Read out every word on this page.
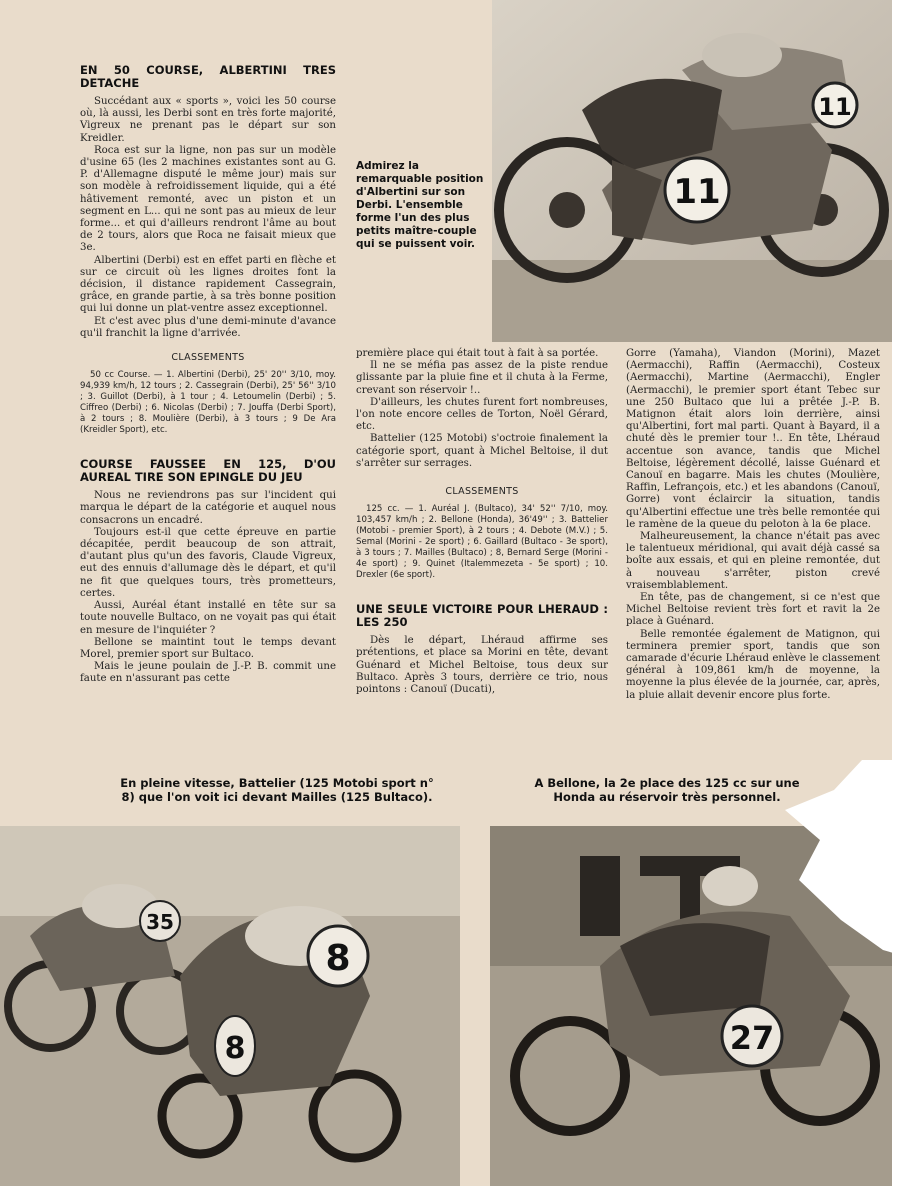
EN 50 COURSE, ALBERTINI TRES DETACHE

Succédant aux « sports », voici les 50 course où, là aussi, les Derbi sont en très forte majorité, Vigreux ne prenant pas le départ sur son Kreidler.

Roca est sur la ligne, non pas sur un modèle d'usine 65 (les 2 machines existantes sont au G. P. d'Allemagne disputé le même jour) mais sur son modèle à refroidissement liquide, qui a été hâtivement remonté, avec un piston et un segment en L... qui ne sont pas au mieux de leur forme... et qui d'ailleurs rendront l'âme au bout de 2 tours, alors que Roca ne faisait mieux que 3e.

Albertini (Derbi) est en effet parti en flèche et sur ce circuit où les lignes droites font la décision, il distance rapidement Cassegrain, grâce, en grande partie, à sa très bonne position qui lui donne un plat-ventre assez exceptionnel.

Et c'est avec plus d'une demi-minute d'avance qu'il franchit la ligne d'arrivée.

CLASSEMENTS

50 cc Course. — 1. Albertini (Derbi), 25' 20'' 3/10, moy. 94,939 km/h, 12 tours ; 2. Cassegrain (Derbi), 25' 56'' 3/10 ; 3. Guillot (Derbi), à 1 tour ; 4. Letoumelin (Derbi) ; 5. Ciffreo (Derbi) ; 6. Nicolas (Derbi) ; 7. Jouffa (Derbi Sport), à 2 tours ; 8. Moulière (Derbi), à 3 tours ; 9 De Ara (Kreidler Sport), etc.

COURSE FAUSSEE EN 125, D'OU AUREAL TIRE SON EPINGLE DU JEU

Nous ne reviendrons pas sur l'incident qui marqua le départ de la catégorie et auquel nous consacrons un encadré.

Toujours est-il que cette épreuve en partie décapitée, perdit beaucoup de son attrait, d'autant plus qu'un des favoris, Claude Vigreux, eut des ennuis d'allumage dès le départ, et qu'il ne fit que quelques tours, très prometteurs, certes.

Aussi, Auréal étant installé en tête sur sa toute nouvelle Bultaco, on ne voyait pas qui était en mesure de l'inquiéter ?

Bellone se maintint tout le temps devant Morel, premier sport sur Bultaco.

Mais le jeune poulain de J.-P. B. commit une faute en n'assurant pas cette

Admirez la remarquable position d'Albertini sur son Derbi. L'ensemble forme l'un des plus petits maître-couple qui se puissent voir.

première place qui était tout à fait à sa portée.

Il ne se méfia pas assez de la piste rendue glissante par la pluie fine et il chuta à la Ferme, crevant son réservoir !..

D'ailleurs, les chutes furent fort nombreuses, l'on note encore celles de Torton, Noël Gérard, etc.

Battelier (125 Motobi) s'octroie finalement la catégorie sport, quant à Michel Beltoise, il dut s'arrêter sur serrages.

CLASSEMENTS

125 cc. — 1. Auréal J. (Bultaco), 34' 52'' 7/10, moy. 103,457 km/h ; 2. Bellone (Honda), 36'49'' ; 3. Battelier (Motobi - premier Sport), à 2 tours ; 4. Debote (M.V.) ; 5. Semal (Morini - 2e sport) ; 6. Gaillard (Bultaco - 3e sport), à 3 tours ; 7. Mailles (Bultaco) ; 8, Bernard Serge (Morini - 4e sport) ; 9. Quinet (Italemmezeta - 5e sport) ; 10. Drexler (6e sport).

UNE SEULE VICTOIRE POUR LHERAUD : LES 250

Dès le départ, Lhéraud affirme ses prétentions, et place sa Morini en tête, devant Guénard et Michel Beltoise, tous deux sur Bultaco. Après 3 tours, derrière ce trio, nous pointons : Canouï (Ducati),

Gorre (Yamaha), Viandon (Morini), Mazet (Aermacchi), Raffin (Aermacchi), Costeux (Aermacchi), Martine (Aermacchi), Engler (Aermacchi), le premier sport étant Tebec sur une 250 Bultaco que lui a prêtée J.-P. B. Matignon était alors loin derrière, ainsi qu'Albertini, fort mal parti. Quant à Bayard, il a chuté dès le premier tour !.. En tête, Lhéraud accentue son avance, tandis que Michel Beltoise, légèrement décollé, laisse Guénard et Canouï en bagarre. Mais les chutes (Moulière, Raffin, Lefrançois, etc.) et les abandons (Canouï, Gorre) vont éclaircir la situation, tandis qu'Albertini effectue une très belle remontée qui le ramène de la queue du peloton à la 6e place.

Malheureusement, la chance n'était pas avec le talentueux méridional, qui avait déjà cassé sa boîte aux essais, et qui en pleine remontée, dut à nouveau s'arrêter, piston crevé vraisemblablement.

En tête, pas de changement, si ce n'est que Michel Beltoise revient très fort et ravit la 2e place à Guénard.

Belle remontée également de Matignon, qui terminera premier sport, tandis que son camarade d'écurie Lhéraud enlève le classement général à 109,861 km/h de moyenne, la moyenne la plus élevée de la journée, car, après, la pluie allait devenir encore plus forte.

11
11
En pleine vitesse, Battelier (125 Motobi sport n° 8) que l'on voit ici devant Mailles (125 Bultaco).
A Bellone, la 2e place des 125 cc sur une Honda au réservoir très personnel.
35
8
8	27
